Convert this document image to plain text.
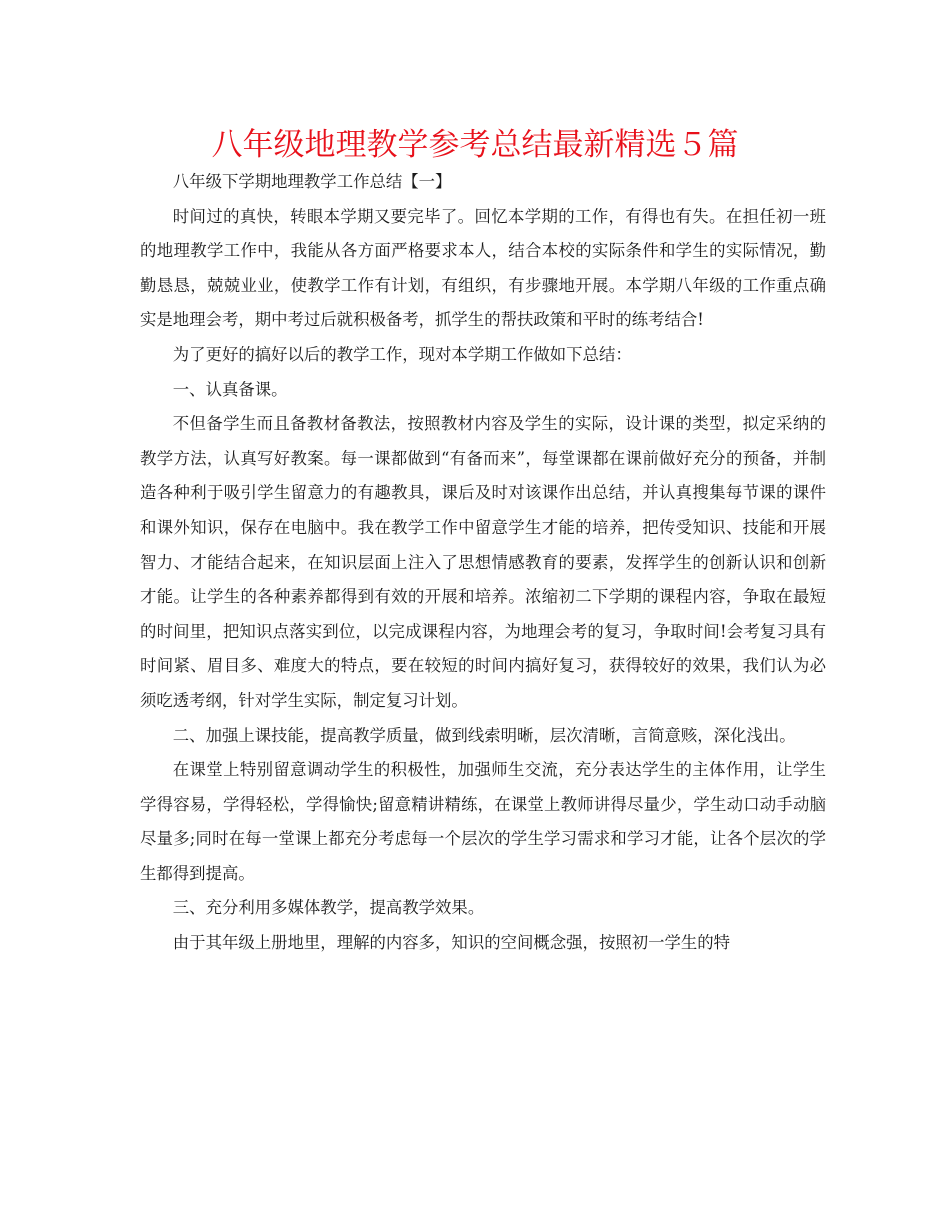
八年级地理教学参考总结最新精选５篇

八年级下学期地理教学工作总结【一】

时间过的真快，转眼本学期又要完毕了。回忆本学期的工作，有得也有失。在担任初一班的地理教学工作中，我能从各方面严格要求本人，结合本校的实际条件和学生的实际情况，勤勤恳恳，兢兢业业，使教学工作有计划，有组织，有步骤地开展。本学期八年级的工作重点确实是地理会考，期中考过后就积极备考，抓学生的帮扶政策和平时的练考结合!

为了更好的搞好以后的教学工作，现对本学期工作做如下总结：

一、认真备课。

不但备学生而且备教材备教法，按照教材内容及学生的实际，设计课的类型，拟定采纳的教学方法，认真写好教案。每一课都做到“有备而来”，每堂课都在课前做好充分的预备，并制造各种利于吸引学生留意力的有趣教具，课后及时对该课作出总结，并认真搜集每节课的课件和课外知识，保存在电脑中。我在教学工作中留意学生才能的培养，把传受知识、技能和开展智力、才能结合起来，在知识层面上注入了思想情感教育的要素，发挥学生的创新认识和创新才能。让学生的各种素养都得到有效的开展和培养。浓缩初二下学期的课程内容，争取在最短的时间里，把知识点落实到位，以完成课程内容，为地理会考的复习，争取时间!会考复习具有时间紧、眉目多、难度大的特点，要在较短的时间内搞好复习，获得较好的效果，我们认为必须吃透考纲，针对学生实际，制定复习计划。

二、加强上课技能，提高教学质量，做到线索明晰，层次清晰，言简意赅，深化浅出。

在课堂上特别留意调动学生的积极性，加强师生交流，充分表达学生的主体作用，让学生学得容易，学得轻松，学得愉快;留意精讲精练，在课堂上教师讲得尽量少，学生动口动手动脑尽量多;同时在每一堂课上都充分考虑每一个层次的学生学习需求和学习才能，让各个层次的学生都得到提高。

三、充分利用多媒体教学，提高教学效果。

由于其年级上册地里，理解的内容多，知识的空间概念强，按照初一学生的特
